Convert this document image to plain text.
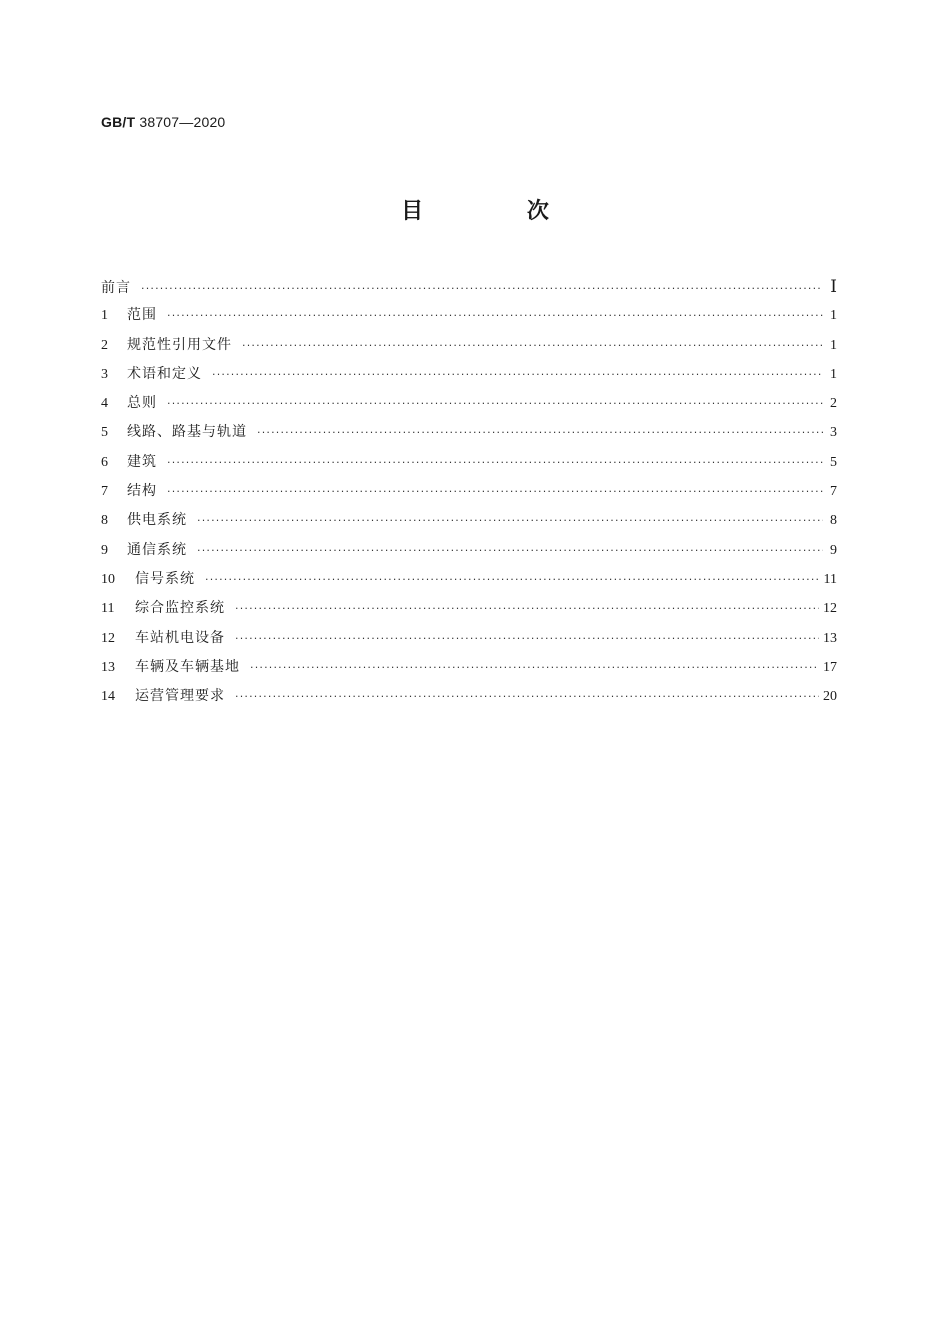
GB/T 38707—2020
目 次
前言 ·····	Ⅰ
1	范围 ·····	1
2	规范性引用文件 ·····	1
3	术语和定义 ·····	1
4	总则 ·····	2
5	线路、路基与轨道 ·····	3
6	建筑 ·····	5
7	结构 ·····	7
8	供电系统 ·····	8
9	通信系统 ·····	9
10	信号系统 ·····	11
11	综合监控系统 ·····	12
12	车站机电设备 ·····	13
13	车辆及车辆基地 ·····	17
14	运营管理要求 ·····	20
